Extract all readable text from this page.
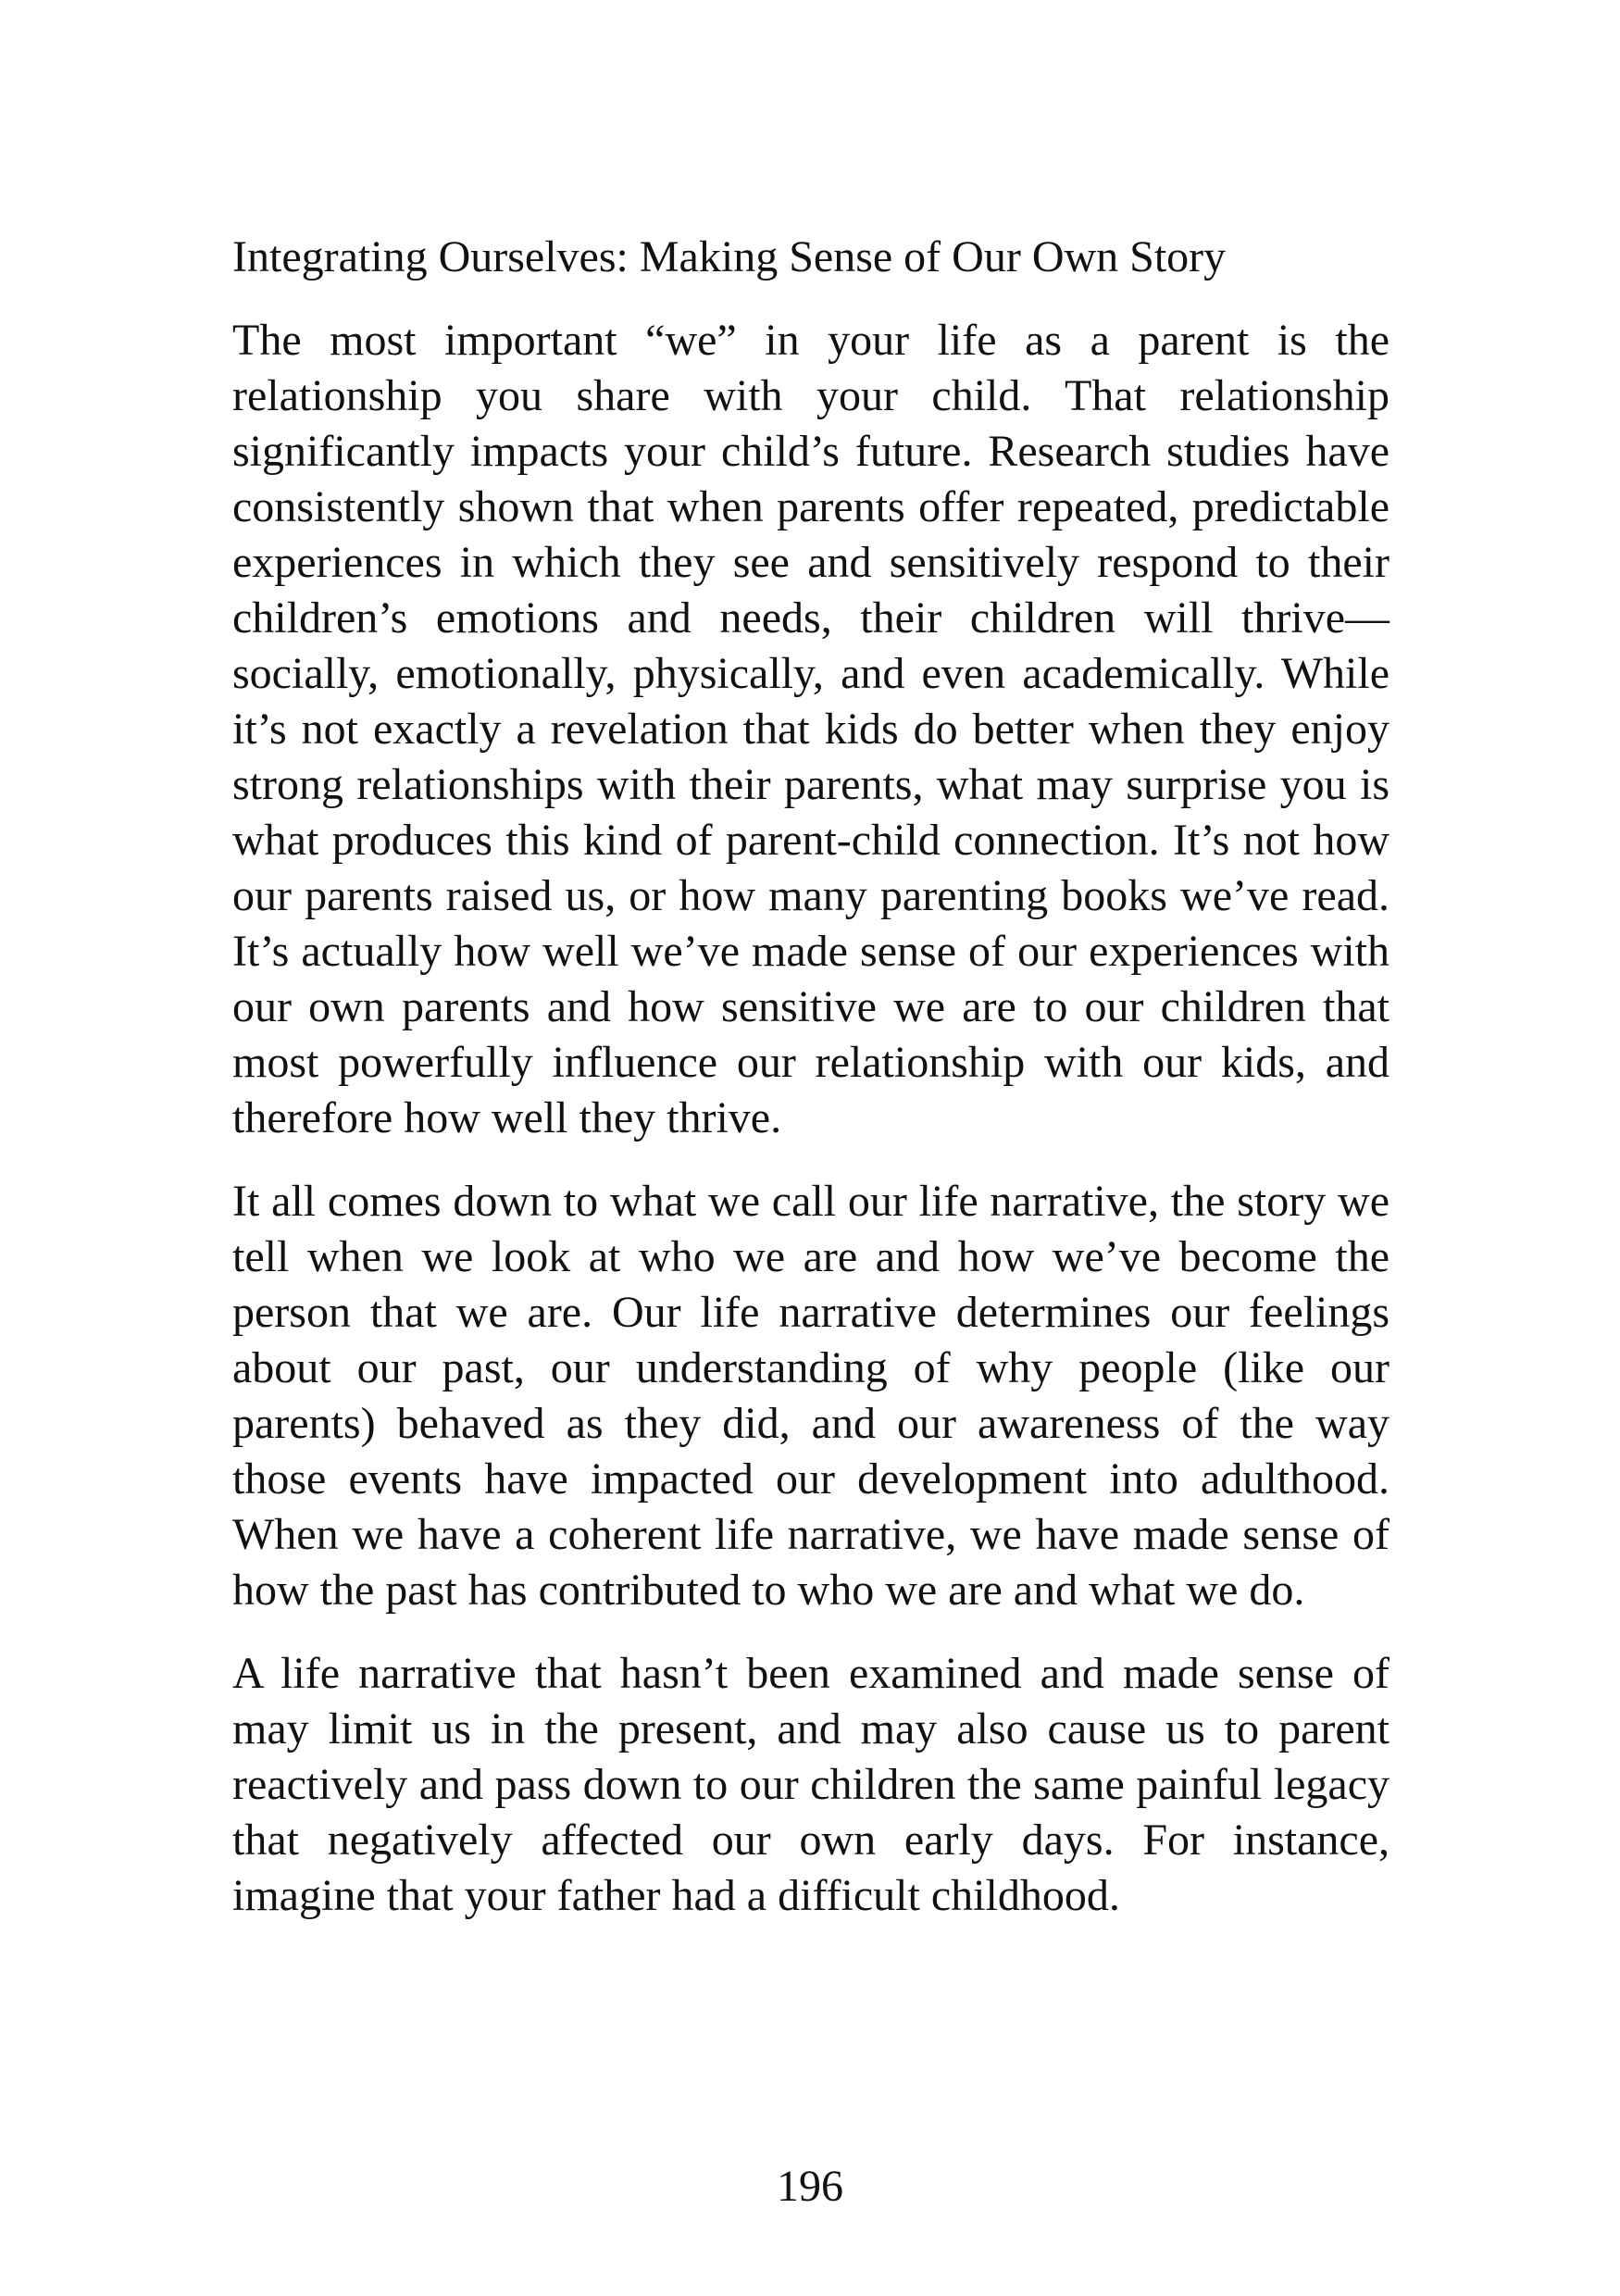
Integrating Ourselves: Making Sense of Our Own Story

The most important “we” in your life as a parent is the relationship you share with your child. That relationship significantly impacts your child’s future. Research studies have consistently shown that when parents offer repeated, predictable experiences in which they see and sensitively respond to their children’s emotions and needs, their children will thrive—socially, emotionally, physically, and even academically. While it’s not exactly a revelation that kids do better when they enjoy strong relationships with their parents, what may surprise you is what produces this kind of parent-child connection. It’s not how our parents raised us, or how many parenting books we’ve read. It’s actually how well we’ve made sense of our experiences with our own parents and how sensitive we are to our children that most powerfully influence our relationship with our kids, and therefore how well they thrive.

It all comes down to what we call our life narrative, the story we tell when we look at who we are and how we’ve become the person that we are. Our life narrative determines our feelings about our past, our understanding of why people (like our parents) behaved as they did, and our awareness of the way those events have impacted our development into adulthood. When we have a coherent life narrative, we have made sense of how the past has contributed to who we are and what we do.

A life narrative that hasn’t been examined and made sense of may limit us in the present, and may also cause us to parent reactively and pass down to our children the same painful legacy that negatively affected our own early days. For instance, imagine that your father had a difficult childhood.

196
